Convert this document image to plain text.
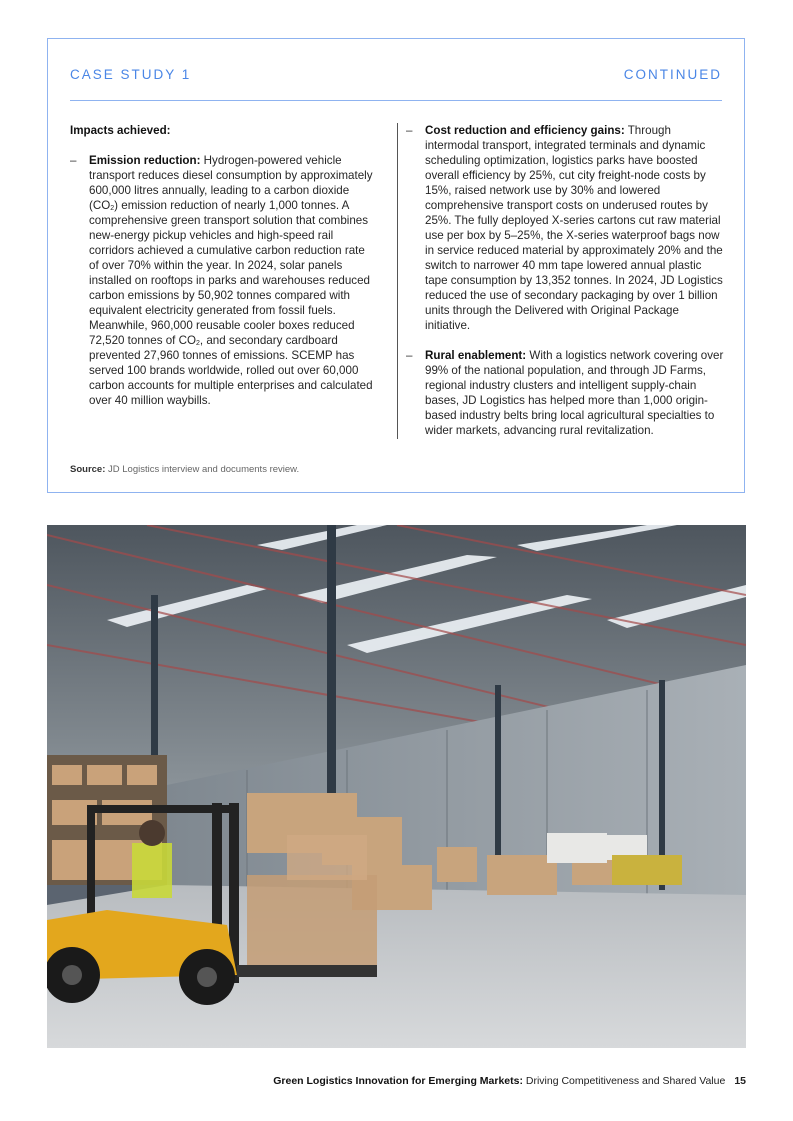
CASE STUDY 1	CONTINUED
Impacts achieved:
–	Emission reduction: Hydrogen-powered vehicle transport reduces diesel consumption by approximately 600,000 litres annually, leading to a carbon dioxide $(CO_2)$ emission reduction of nearly 1,000 tonnes. A comprehensive green transport solution that combines new-energy pickup vehicles and high-speed rail corridors achieved a cumulative carbon reduction rate of over 70% within the year. In 2024, solar panels installed on rooftops in parks and warehouses reduced carbon emissions by 50,902 tonnes compared with equivalent electricity generated from fossil fuels. Meanwhile, 960,000 reusable cooler boxes reduced 72,520 tonnes of $CO_2$, and secondary cardboard prevented 27,960 tonnes of emissions. SCEMP has served 100 brands worldwide, rolled out over 60,000 carbon accounts for multiple enterprises and calculated over 40 million waybills.
–	Cost reduction and efficiency gains: Through intermodal transport, integrated terminals and dynamic scheduling optimization, logistics parks have boosted overall efficiency by 25%, cut city freight-node costs by 15%, raised network use by 30% and lowered comprehensive transport costs on underused routes by 25%. The fully deployed X-series cartons cut raw material use per box by 5–25%, the X-series waterproof bags now in service reduced material by approximately 20% and the switch to narrower 40 mm tape lowered annual plastic tape consumption by 13,352 tonnes. In 2024, JD Logistics reduced the use of secondary packaging by over 1 billion units through the Delivered with Original Package initiative.
–	Rural enablement: With a logistics network covering over 99% of the national population, and through JD Farms, regional industry clusters and intelligent supply-chain bases, JD Logistics has helped more than 1,000 origin-based industry belts bring local agricultural specialties to wider markets, advancing rural revitalization.
Source: JD Logistics interview and documents review.
Green Logistics Innovation for Emerging Markets: Driving Competitiveness and Shared Value 15
